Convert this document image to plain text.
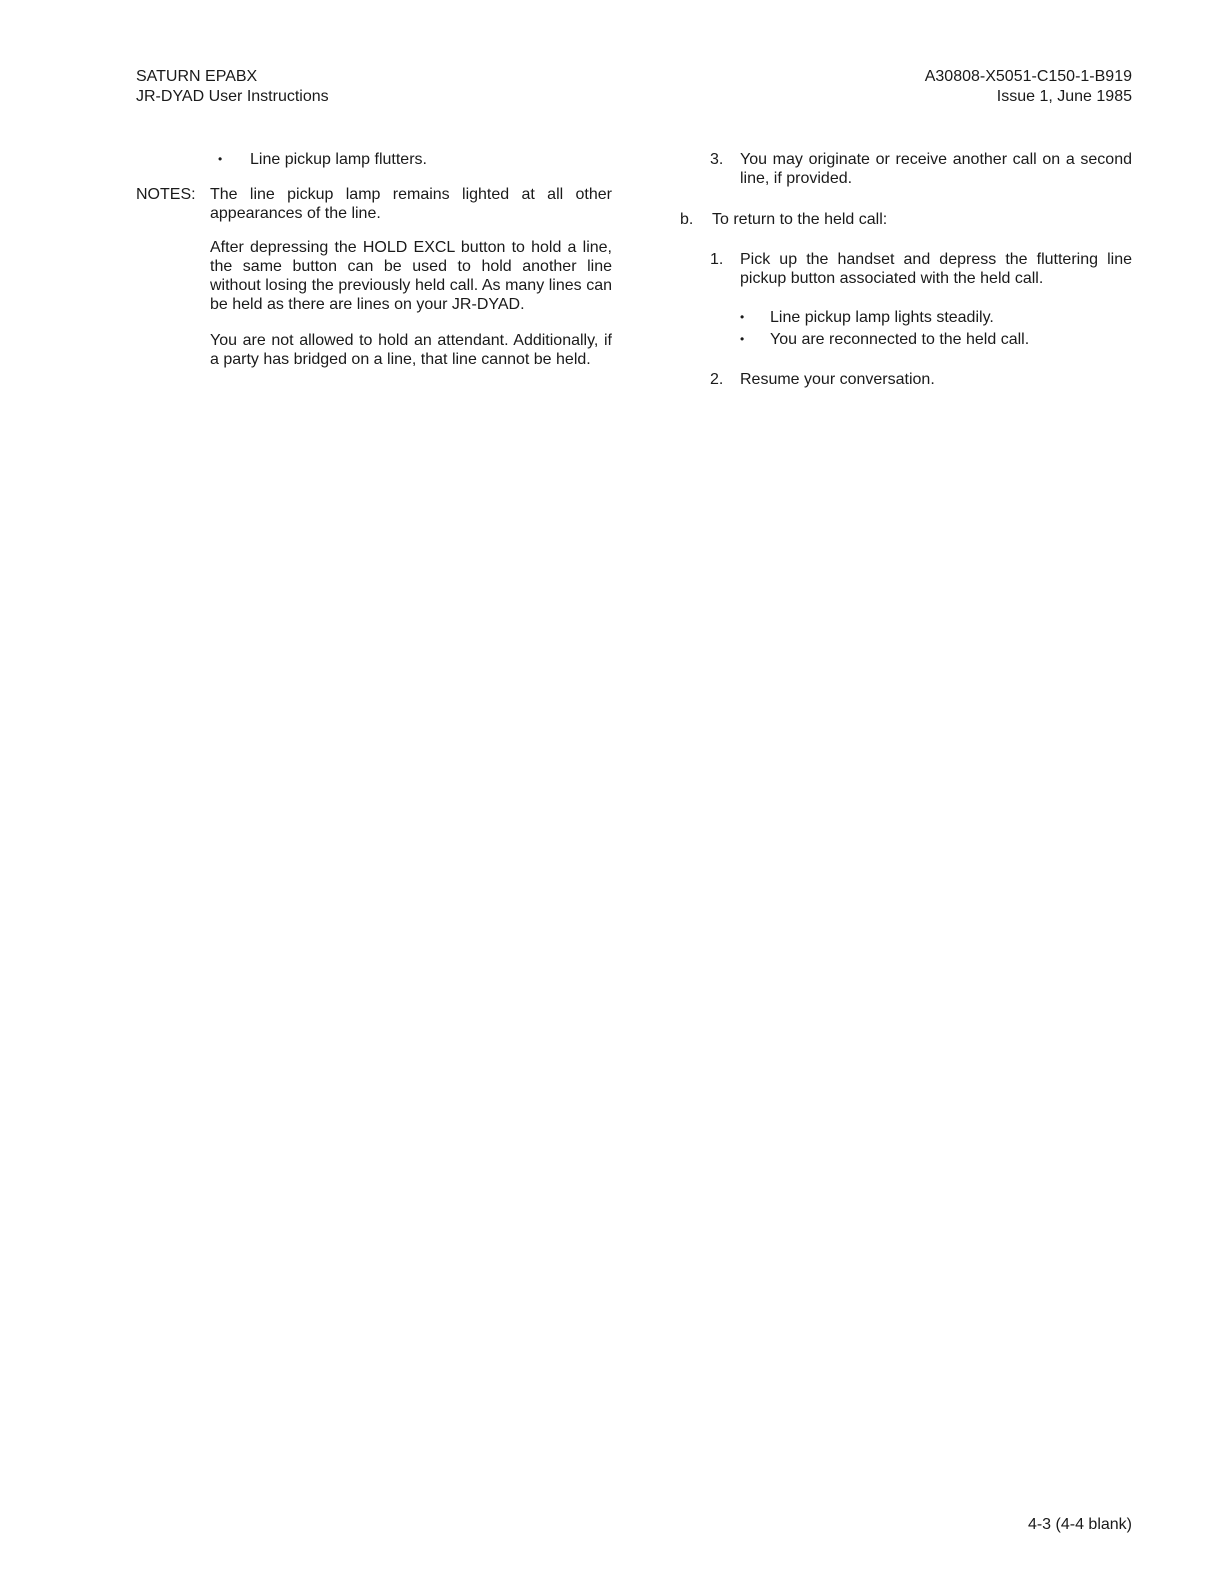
SATURN EPABX
JR-DYAD User Instructions
A30808-X5051-C150-1-B919
Issue 1, June 1985
•	Line pickup lamp flutters.
NOTES: The line pickup lamp remains lighted at all other appearances of the line.

After depressing the HOLD EXCL button to hold a line, the same button can be used to hold another line without losing the previously held call. As many lines can be held as there are lines on your JR-DYAD.

You are not allowed to hold an attendant. Additionally, if a party has bridged on a line, that line cannot be held.

3. You may originate or receive another call on a second line, if provided.

b. To return to the held call:
1. Pick up the handset and depress the fluttering line pickup button associated with the held call.

•	Line pickup lamp lights steadily.
•	You are reconnected to the held call.
2. Resume your conversation.
4-3 (4-4 blank)
